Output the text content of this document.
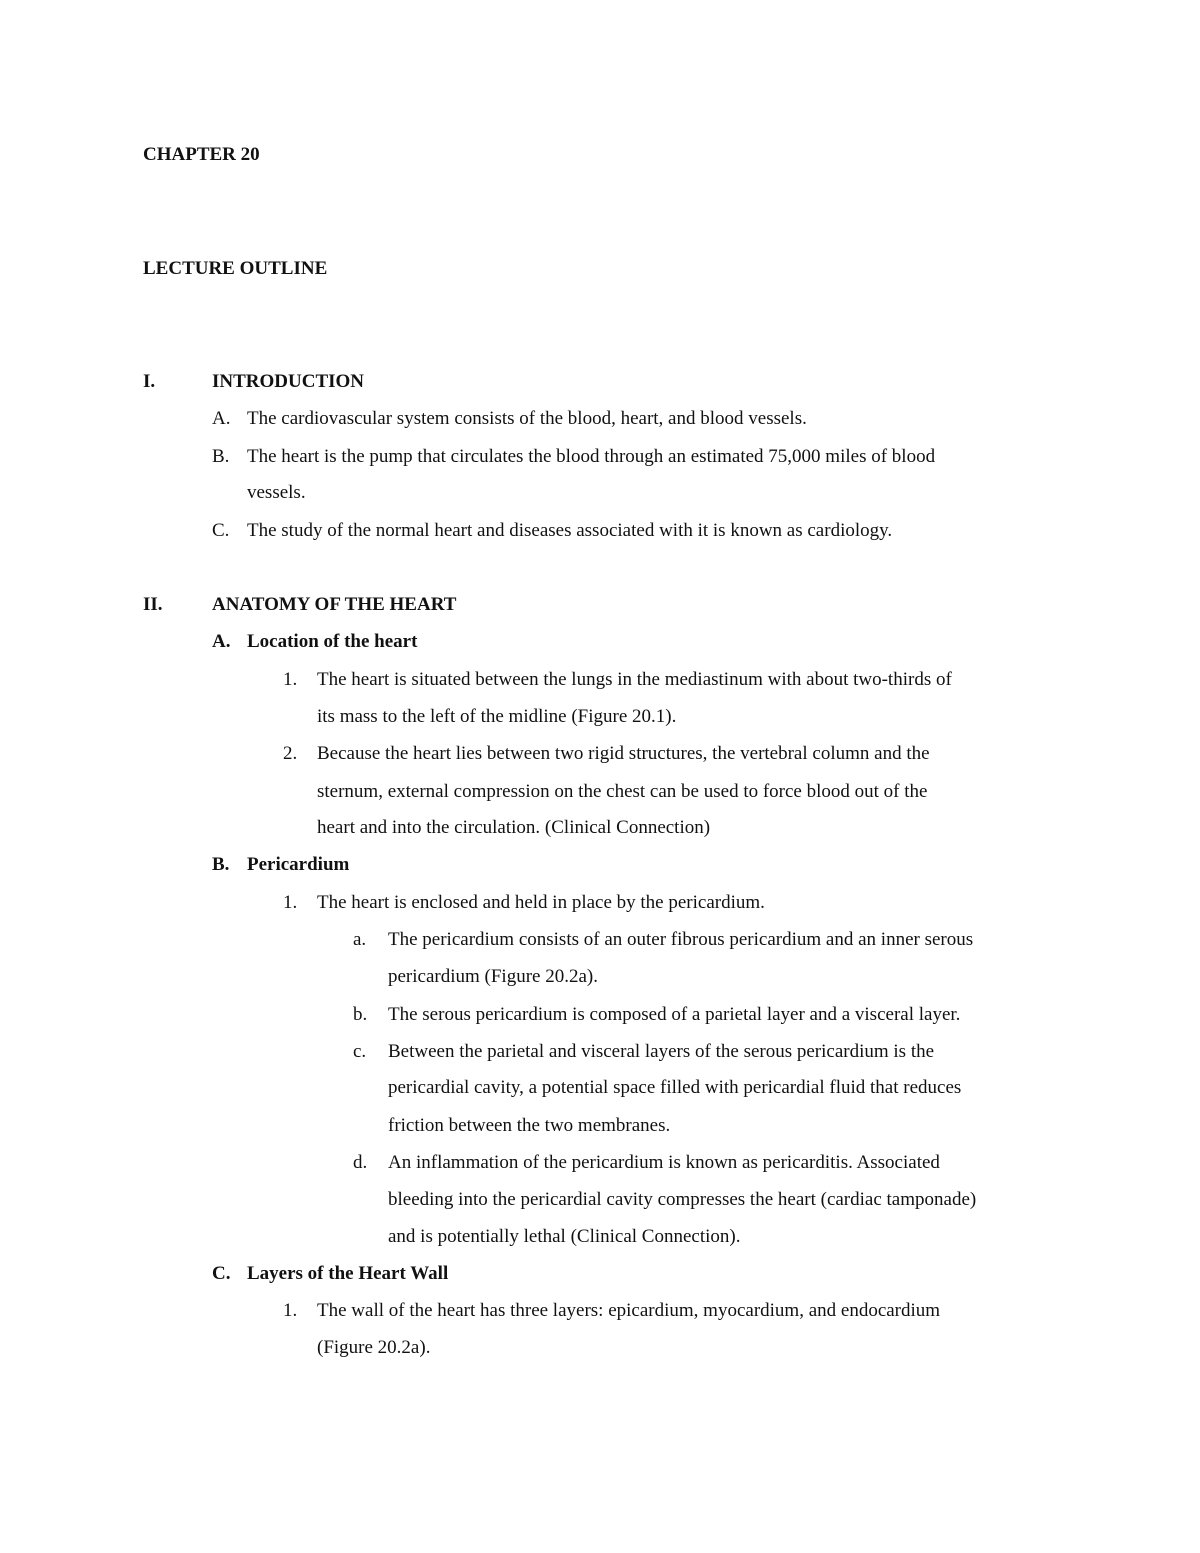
CHAPTER 20
LECTURE OUTLINE
I.	INTRODUCTION
A. The cardiovascular system consists of the blood, heart, and blood vessels.
B. The heart is the pump that circulates the blood through an estimated 75,000 miles of blood
vessels.
C. The study of the normal heart and diseases associated with it is known as cardiology.
II.	ANATOMY OF THE HEART
A. Location of the heart
1. The heart is situated between the lungs in the mediastinum with about two-thirds of
its mass to the left of the midline (Figure 20.1).
2. Because the heart lies between two rigid structures, the vertebral column and the
sternum, external compression on the chest can be used to force blood out of the
heart and into the circulation. (Clinical Connection)
B. Pericardium
1. The heart is enclosed and held in place by the pericardium.
a. The pericardium consists of an outer fibrous pericardium and an inner serous
pericardium (Figure 20.2a).
b. The serous pericardium is composed of a parietal layer and a visceral layer.
c. Between the parietal and visceral layers of the serous pericardium is the
pericardial cavity, a potential space filled with pericardial fluid that reduces
friction between the two membranes.
d. An inflammation of the pericardium is known as pericarditis. Associated
bleeding into the pericardial cavity compresses the heart (cardiac tamponade)
and is potentially lethal (Clinical Connection).
C. Layers of the Heart Wall
1. The wall of the heart has three layers: epicardium, myocardium, and endocardium
(Figure 20.2a).
